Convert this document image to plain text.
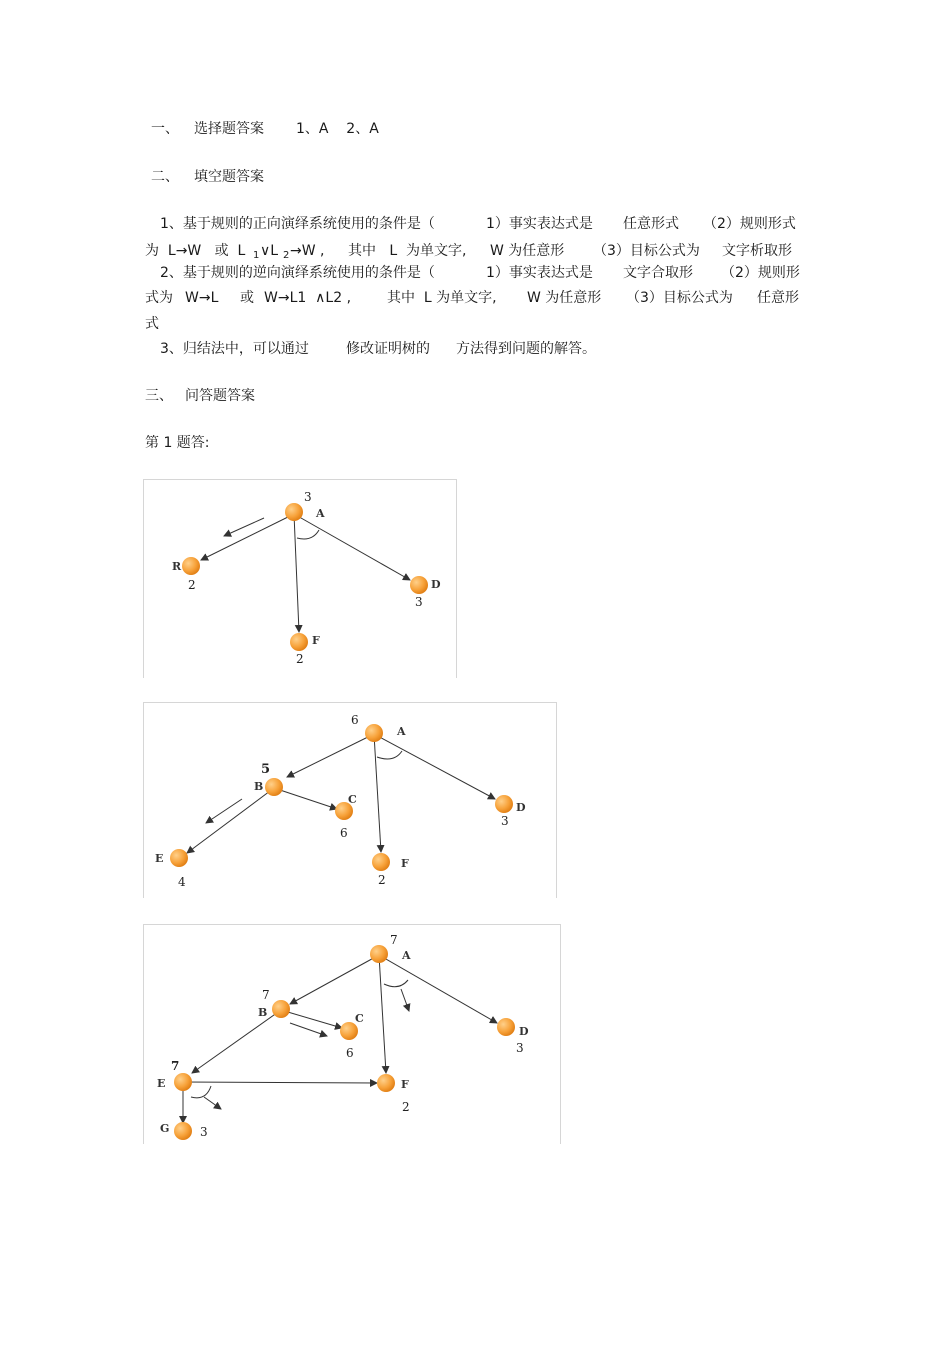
一、 选择题答案 1、A    2、A
二、 填空题答案
1、基于规则的正向演绎系统使用的条件是（	1）事实表达式是 任意形式 （2）规则形式
为  L→W   或  L 1 ∨L 2 →W , 其中   L  为单文字, W 为任意形 （3）目标公式为 文字析取形
2、基于规则的逆向演绎系统使用的条件是（	1）事实表达式是 文字合取形 （2）规则形
式为 W→L 或 W→L1  ∧L2 ,	其中  L 为单文字, W 为任意形 （3）目标公式为 任意形
式
3、归结法中，可以通过	修改证明树的 方法得到问题的解答。
三、 问答题答案
第 1 题答:
3
A
R
2
F
2
D
3
6
A
5
B
C
6
D
3
E
4
F
2
7
A
7
B	C
6
D
3
7
E	F
2
G	3
